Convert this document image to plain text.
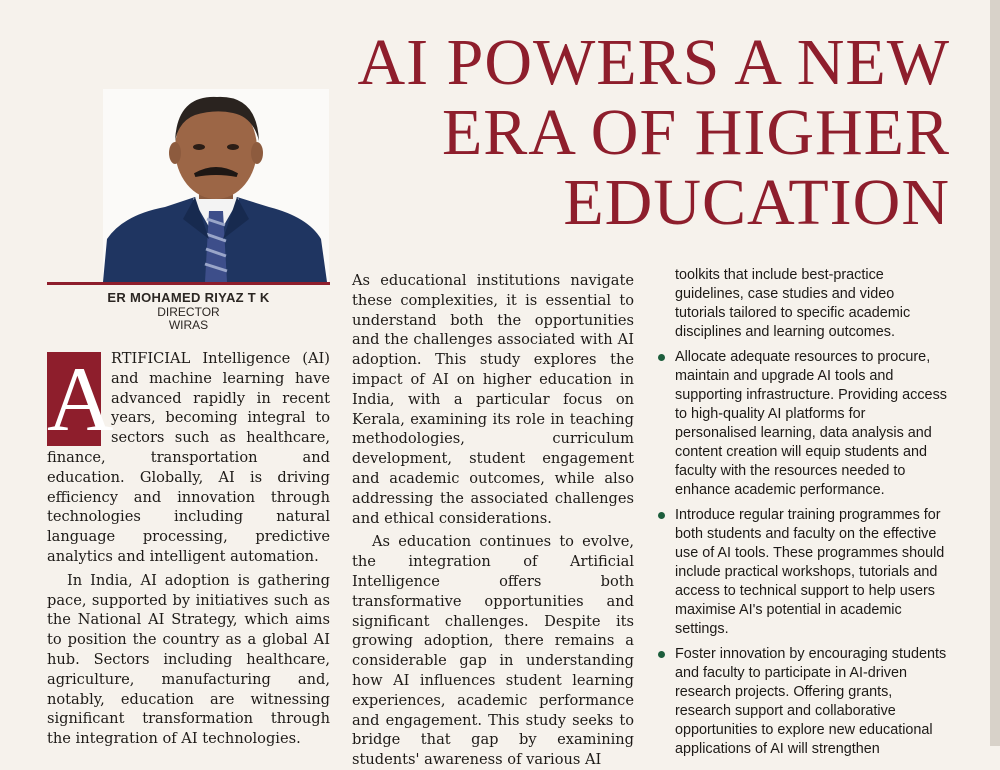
AI POWERS A NEW
ERA OF HIGHER
EDUCATION
ER MOHAMED RIYAZ T K
DIRECTOR
WIRAS

A
RTIFICIAL Intelligence (AI) and machine learning have advanced rapidly in recent years, becoming integral to sectors such as healthcare, finance, transportation and education. Globally, AI is driving efficiency and innovation through technologies including natural language processing, predictive analytics and intelligent automation.

In India, AI adoption is gathering pace, supported by initiatives such as the National AI Strategy, which aims to position the country as a global AI hub. Sectors including healthcare, agriculture, manufacturing and, notably, education are witnessing significant transformation through the integration of AI technologies.

As educational institutions navigate these complexities, it is essential to understand both the opportunities and the challenges associated with AI adoption. This study explores the impact of AI on higher education in India, with a particular focus on Kerala, examining its role in teaching methodologies, curriculum development, student engagement and academic outcomes, while also addressing the associated challenges and ethical considerations.

As education continues to evolve, the integration of Artificial Intelligence offers both transformative opportunities and significant challenges. Despite its growing adoption, there remains a considerable gap in understanding how AI influences student learning experiences, academic performance and engagement. This study seeks to bridge that gap by examining students' awareness of various AI

toolkits that include best-practice guidelines, case studies and video tutorials tailored to specific academic disciplines and learning outcomes.

Allocate adequate resources to procure, maintain and upgrade AI tools and supporting infrastructure. Providing access to high-quality AI platforms for personalised learning, data analysis and content creation will equip students and faculty with the resources needed to enhance academic performance.
Introduce regular training programmes for both students and faculty on the effective use of AI tools. These programmes should include practical workshops, tutorials and access to technical support to help users maximise AI's potential in academic settings.
Foster innovation by encouraging students and faculty to participate in AI-driven research projects. Offering grants, research support and collaborative opportunities to explore new educational applications of AI will strengthen
